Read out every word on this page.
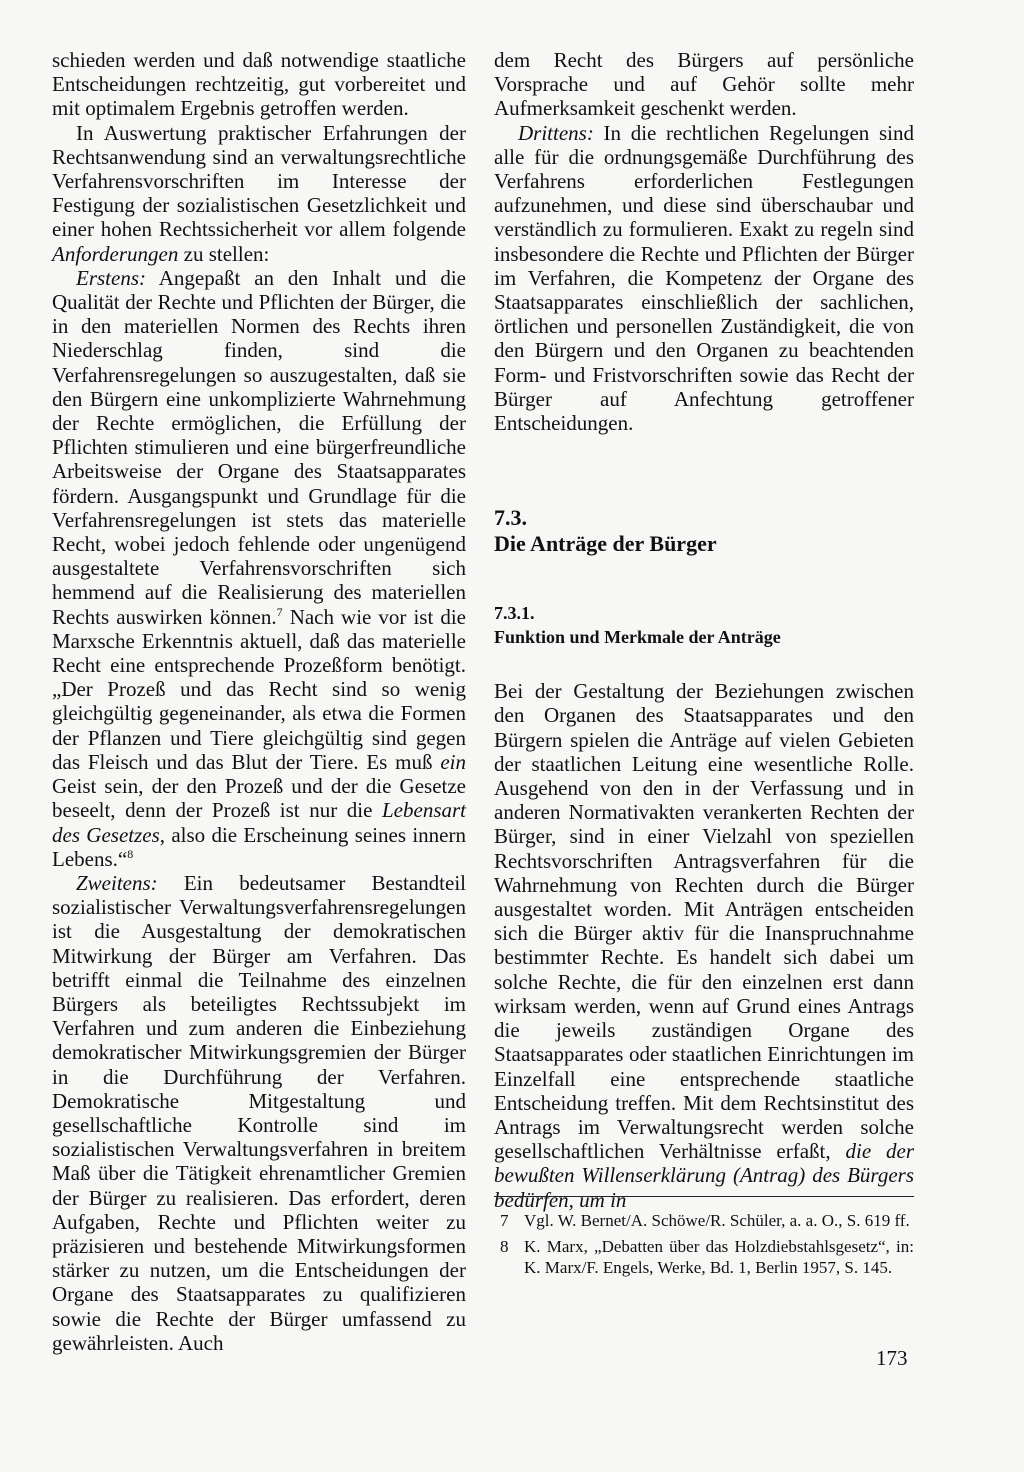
schieden werden und daß notwendige staatliche Entscheidungen rechtzeitig, gut vorbereitet und mit optimalem Ergebnis getroffen werden.

In Auswertung praktischer Erfahrungen der Rechtsanwendung sind an verwaltungsrechtliche Verfahrensvorschriften im Interesse der Festigung der sozialistischen Gesetzlichkeit und einer hohen Rechtssicherheit vor allem folgende Anforderungen zu stellen:

Erstens: Angepaßt an den Inhalt und die Qualität der Rechte und Pflichten der Bürger, die in den materiellen Normen des Rechts ihren Niederschlag finden, sind die Verfahrensregelungen so auszugestalten, daß sie den Bürgern eine unkomplizierte Wahrnehmung der Rechte ermöglichen, die Erfüllung der Pflichten stimulieren und eine bürgerfreundliche Arbeitsweise der Organe des Staatsapparates fördern. Ausgangspunkt und Grundlage für die Verfahrensregelungen ist stets das materielle Recht, wobei jedoch fehlende oder ungenügend ausgestaltete Verfahrensvorschriften sich hemmend auf die Realisierung des materiellen Rechts auswirken können.$^7$ Nach wie vor ist die Marxsche Erkenntnis aktuell, daß das materielle Recht eine entsprechende Prozeßform benötigt. „Der Prozeß und das Recht sind so wenig gleichgültig gegeneinander, als etwa die Formen der Pflanzen und Tiere gleichgültig sind gegen das Fleisch und das Blut der Tiere. Es muß ein Geist sein, der den Prozeß und der die Gesetze beseelt, denn der Prozeß ist nur die Lebensart des Gesetzes, also die Erscheinung seines innern Lebens.“$^8$

Zweitens: Ein bedeutsamer Bestandteil sozialistischer Verwaltungsverfahrensregelungen ist die Ausgestaltung der demokratischen Mitwirkung der Bürger am Verfahren. Das betrifft einmal die Teilnahme des einzelnen Bürgers als beteiligtes Rechtssubjekt im Verfahren und zum anderen die Einbeziehung demokratischer Mitwirkungsgremien der Bürger in die Durchführung der Verfahren. Demokratische Mitgestaltung und gesellschaftliche Kontrolle sind im sozialistischen Verwaltungsverfahren in breitem Maß über die Tätigkeit ehrenamtlicher Gremien der Bürger zu realisieren. Das erfordert, deren Aufgaben, Rechte und Pflichten weiter zu präzisieren und bestehende Mitwirkungsformen stärker zu nutzen, um die Entscheidungen der Organe des Staatsapparates zu qualifizieren sowie die Rechte der Bürger umfassend zu gewährleisten. Auch

dem Recht des Bürgers auf persönliche Vorsprache und auf Gehör sollte mehr Aufmerksamkeit geschenkt werden.

Drittens: In die rechtlichen Regelungen sind alle für die ordnungsgemäße Durchführung des Verfahrens erforderlichen Festlegungen aufzunehmen, und diese sind überschaubar und verständlich zu formulieren. Exakt zu regeln sind insbesondere die Rechte und Pflichten der Bürger im Verfahren, die Kompetenz der Organe des Staatsapparates einschließlich der sachlichen, örtlichen und personellen Zuständigkeit, die von den Bürgern und den Organen zu beachtenden Form- und Fristvorschriften sowie das Recht der Bürger auf Anfechtung getroffener Entscheidungen.

7.3.
Die Anträge der Bürger
7.3.1.
Funktion und Merkmale der Anträge

Bei der Gestaltung der Beziehungen zwischen den Organen des Staatsapparates und den Bürgern spielen die Anträge auf vielen Gebieten der staatlichen Leitung eine wesentliche Rolle. Ausgehend von den in der Verfassung und in anderen Normativakten verankerten Rechten der Bürger, sind in einer Vielzahl von speziellen Rechtsvorschriften Antragsverfahren für die Wahrnehmung von Rechten durch die Bürger ausgestaltet worden. Mit Anträgen entscheiden sich die Bürger aktiv für die Inanspruchnahme bestimmter Rechte. Es handelt sich dabei um solche Rechte, die für den einzelnen erst dann wirksam werden, wenn auf Grund eines Antrags die jeweils zuständigen Organe des Staatsapparates oder staatlichen Einrichtungen im Einzelfall eine entsprechende staatliche Entscheidung treffen. Mit dem Rechtsinstitut des Antrags im Verwaltungsrecht werden solche gesellschaftlichen Verhältnisse erfaßt, die der bewußten Willenserklärung (Antrag) des Bürgers bedürfen, um in

7 Vgl. W. Bernet/A. Schöwe/R. Schüler, a. a. O., S. 619 ff.
8 K. Marx, „Debatten über das Holzdiebstahlsgesetz“, in: K. Marx/F. Engels, Werke, Bd. 1, Berlin 1957, S. 145.
173
